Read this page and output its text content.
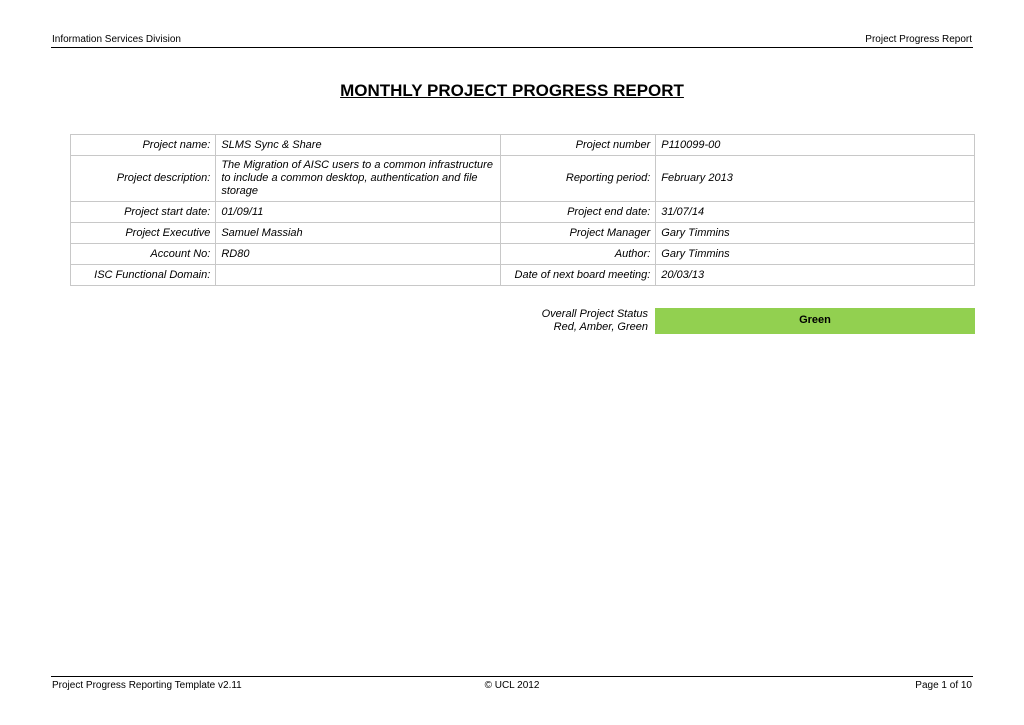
Information Services Division	Project Progress Report
MONTHLY PROJECT PROGRESS REPORT
Project name:	SLMS Sync & Share	Project number	P110099-00
Project description:	The Migration of AISC users to a common infrastructure to include a common desktop, authentication and file storage	Reporting period:	February 2013
Project start date:	01/09/11	Project end date:	31/07/14
Project Executive	Samuel Massiah	Project Manager	Gary Timmins
Account No:	RD80	Author:	Gary Timmins
ISC Functional Domain:		Date of next board meeting:	20/03/13
Overall Project Status
Red, Amber, Green
Green
Project Progress Reporting Template v2.11	© UCL 2012	Page 1 of 10
